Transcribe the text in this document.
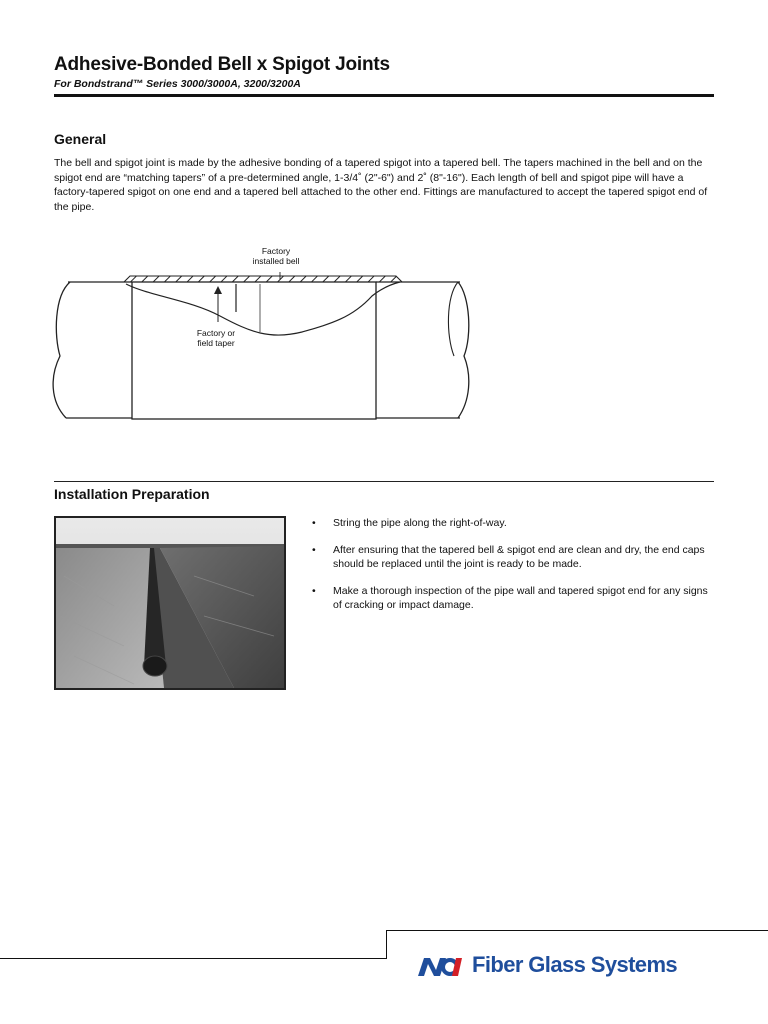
Adhesive-Bonded Bell x Spigot Joints
For Bondstrand™ Series 3000/3000A, 3200/3200A
General
The bell and spigot joint is made by the adhesive bonding of a tapered spigot into a tapered bell. The tapers machined in the bell and on the spigot end are “matching tapers” of a pre-determined angle, 1-3/4˚ (2"-6") and 2˚ (8"-16"). Each length of bell and spigot pipe will have a factory-tapered spigot on one end and a tapered bell attached to the other end. Fittings are manufactured to accept the tapered spigot end of the pipe.
Factory
installed bell
Factory or
field taper
Installation Preparation
• String the pipe along the right-of-way.
• After ensuring that the tapered bell & spigot end are clean and dry, the end caps should be replaced until the joint is ready to be made.
• Make a thorough inspection of the pipe wall and tapered spigot end for any signs of cracking or impact damage.
Fiber Glass Systems
